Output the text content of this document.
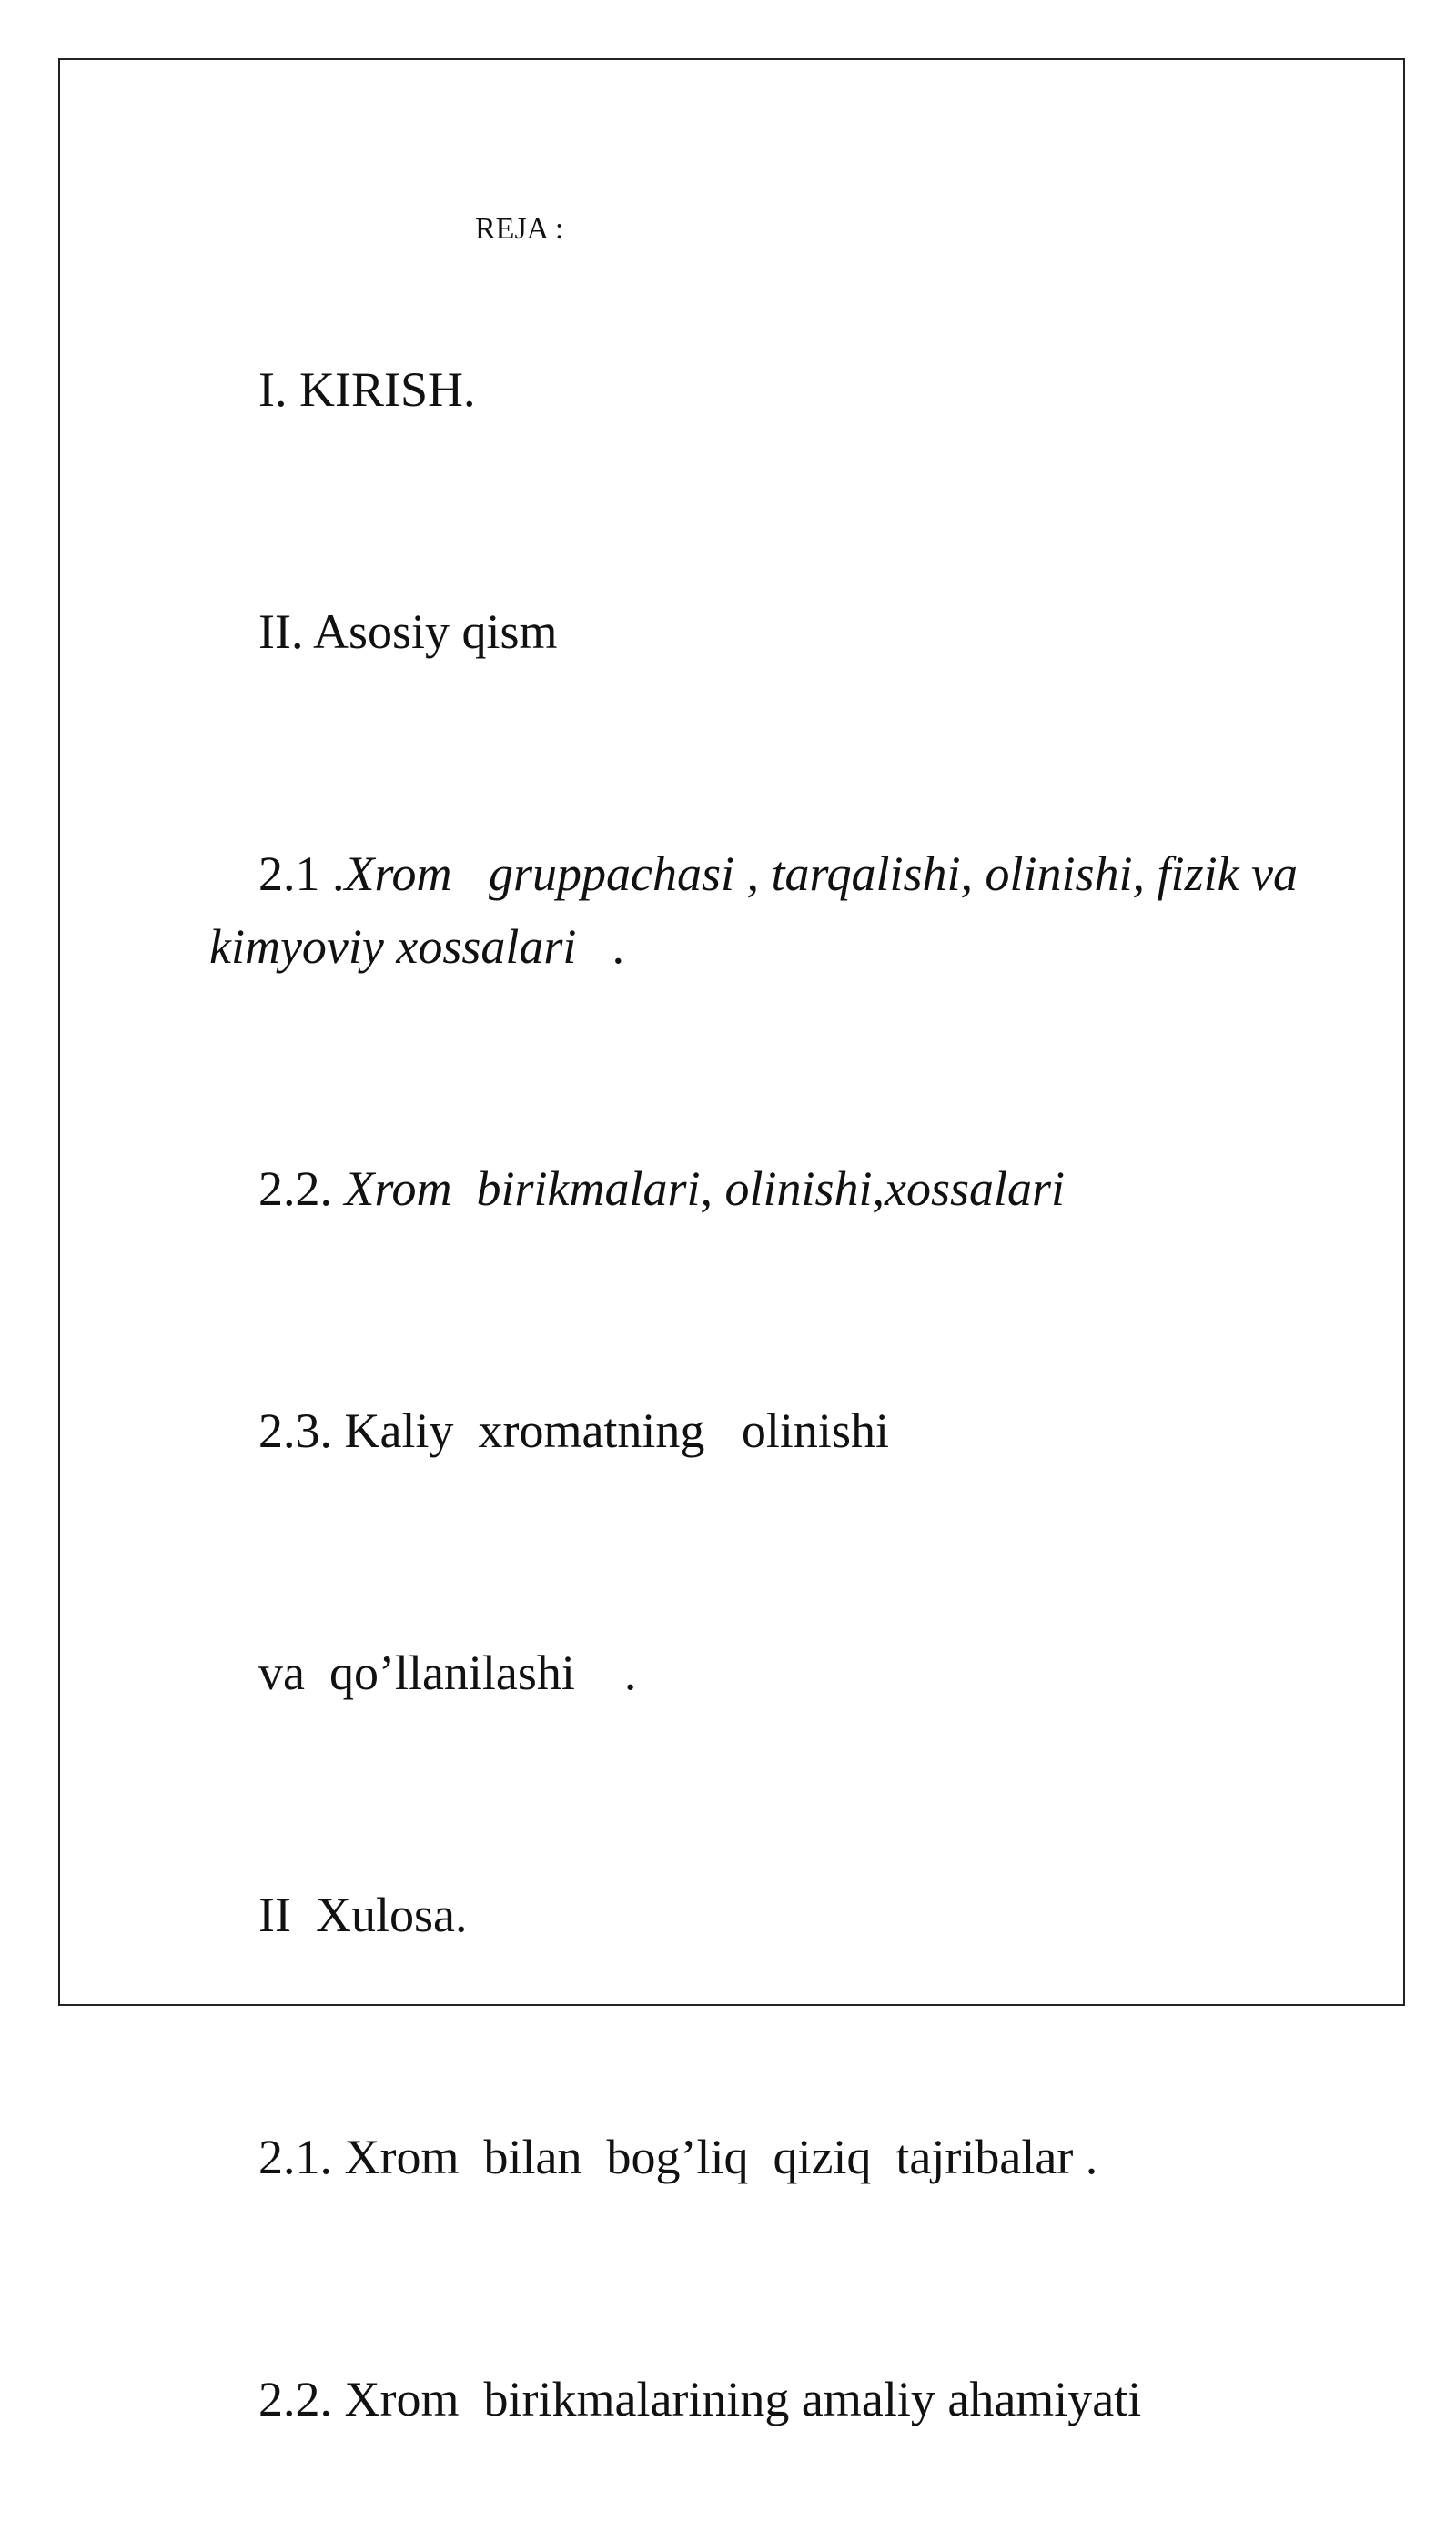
REJA :

I. KIRISH.

II. Asosiy qism

2.1 .Xrom   gruppachasi , tarqalishi, olinishi, fizik va kimyoviy xossalari   .

2.2. Xrom  birikmalari, olinishi,xossalari

2.3. Kaliy  xromatning   olinishi

va  qo’llanilashi    .

II  Xulosa.

2.1. Xrom  bilan  bog’liq  qiziq  tajribalar .

2.2. Xrom  birikmalarining amaliy ahamiyati
